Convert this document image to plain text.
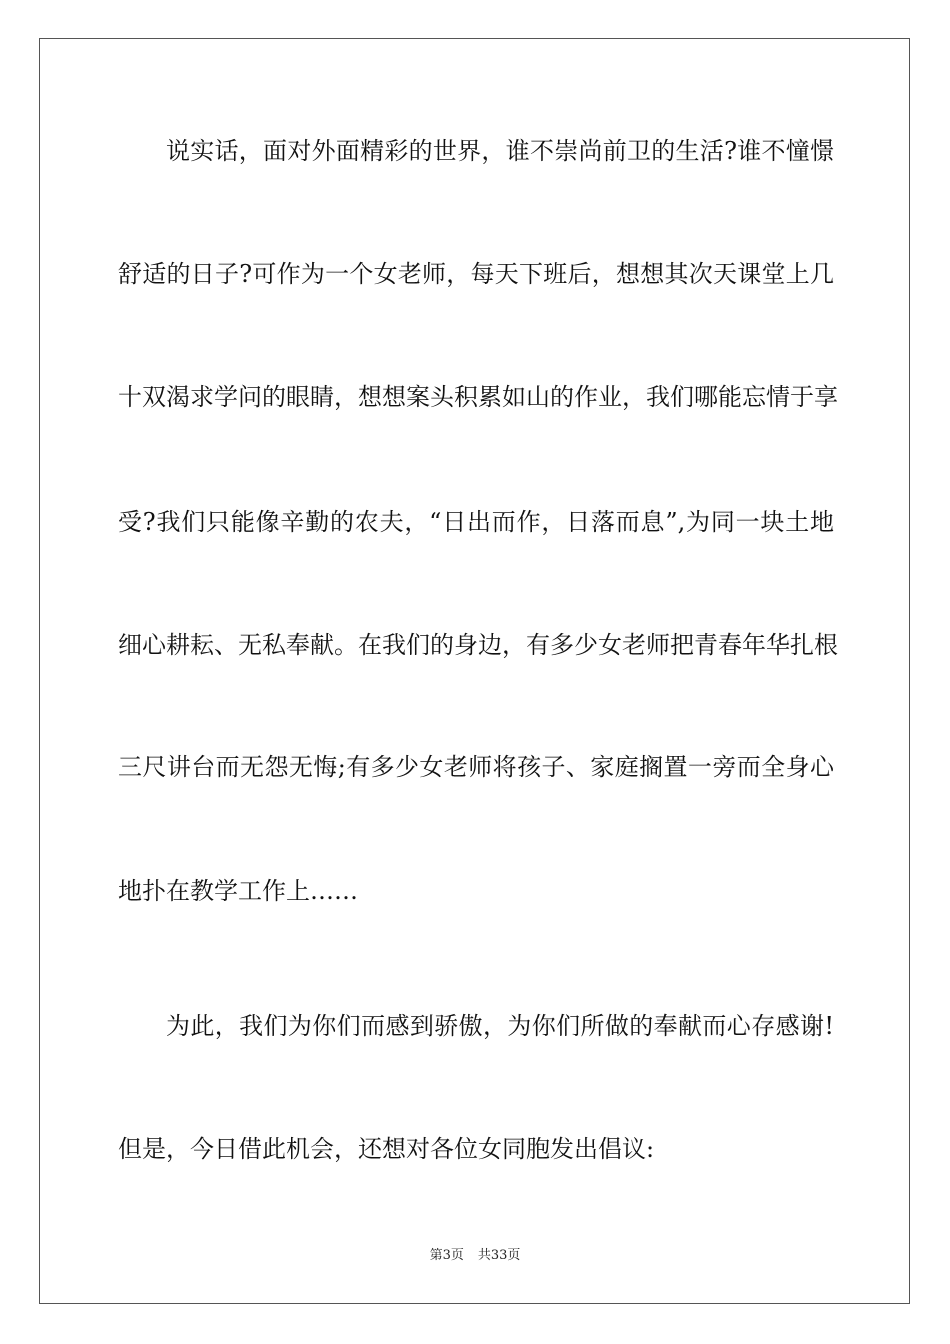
说实话，面对外面精彩的世界，谁不崇尚前卫的生活?谁不憧憬
舒适的日子?可作为一个女老师，每天下班后，想想其次天课堂上几
十双渴求学问的眼睛，想想案头积累如山的作业，我们哪能忘情于享
受?我们只能像辛勤的农夫，“日出而作，日落而息”,为同一块土地
细心耕耘、无私奉献。在我们的身边，有多少女老师把青春年华扎根
三尺讲台而无怨无悔;有多少女老师将孩子、家庭搁置一旁而全身心
地扑在教学工作上……
为此，我们为你们而感到骄傲，为你们所做的奉献而心存感谢!
但是，今日借此机会，还想对各位女同胞发出倡议:
第3页 共33页
